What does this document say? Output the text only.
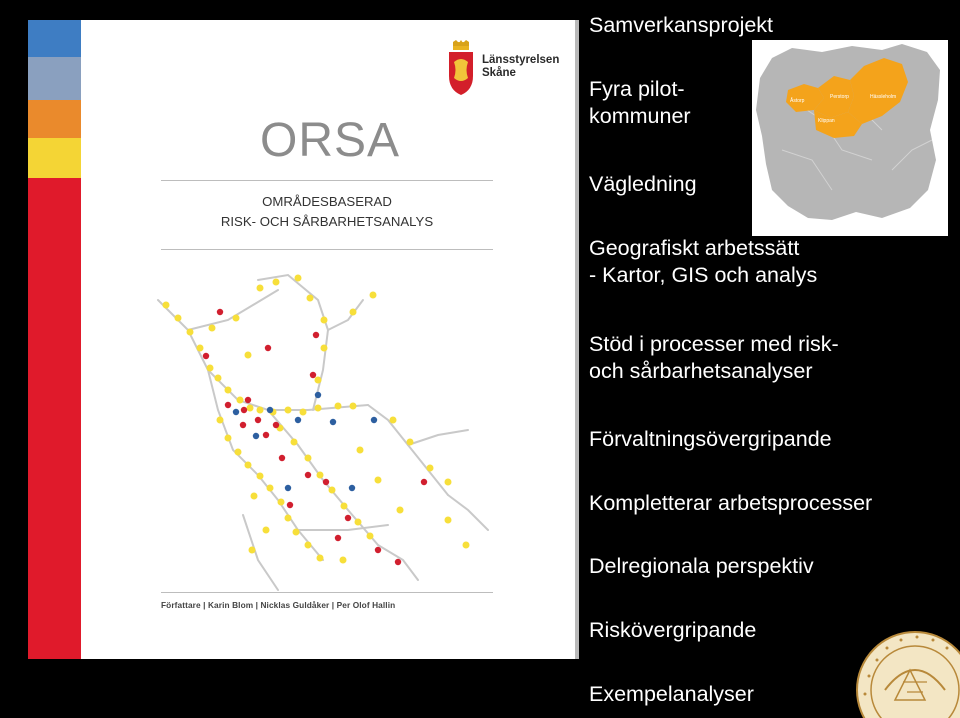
Länsstyrelsen Skåne
ORSA
OMRÅDESBASERAD
RISK- OCH SÅRBARHETSANALYS
Författare | Karin Blom | Nicklas Guldåker | Per Olof Hallin
Samverkansprojekt
Fyra pilot-
kommuner
Vägledning
Geografiskt arbetssätt
- Kartor, GIS och analys
Stöd i processer med risk-
och sårbarhetsanalyser
Förvaltningsövergripande
Kompletterar arbetsprocesser
Delregionala perspektiv
Riskövergripande
Exempelanalyser
Åstorp
Perstorp	Hässleholm
Klippan
